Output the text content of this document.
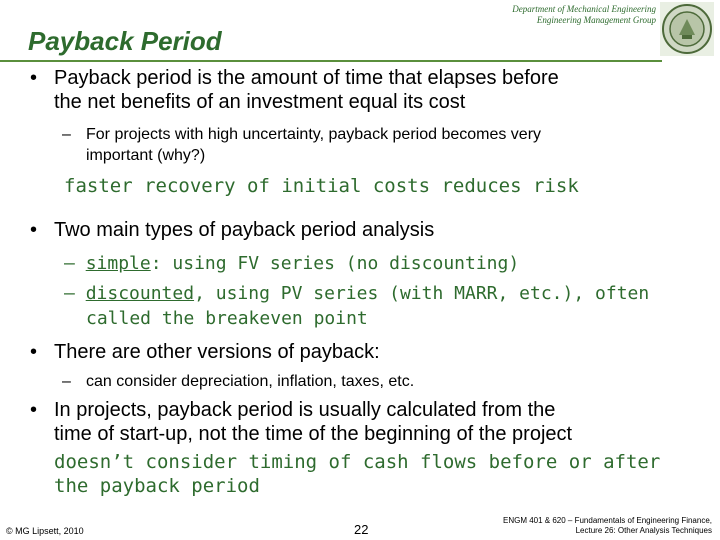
Department of Mechanical Engineering
Engineering Management Group
Payback Period
• Payback period is the amount of time that elapses before
the net benefits of an investment equal its cost
– For projects with high uncertainty, payback period becomes very
important (why?)
faster recovery of initial costs reduces risk
• Two main types of payback period analysis
– simple: using FV series (no discounting)
– discounted, using PV series (with MARR, etc.), often
called the breakeven point
• There are other versions of payback:
– can consider depreciation, inflation, taxes, etc.
• In projects, payback period is usually calculated from the
time of start-up, not the time of the beginning of the project
doesn’t consider timing of cash flows before or after
the payback period
© MG Lipsett, 2010	22
ENGM 401 & 620 – Fundamentals of Engineering Finance,
Lecture 26: Other Analysis Techniques
